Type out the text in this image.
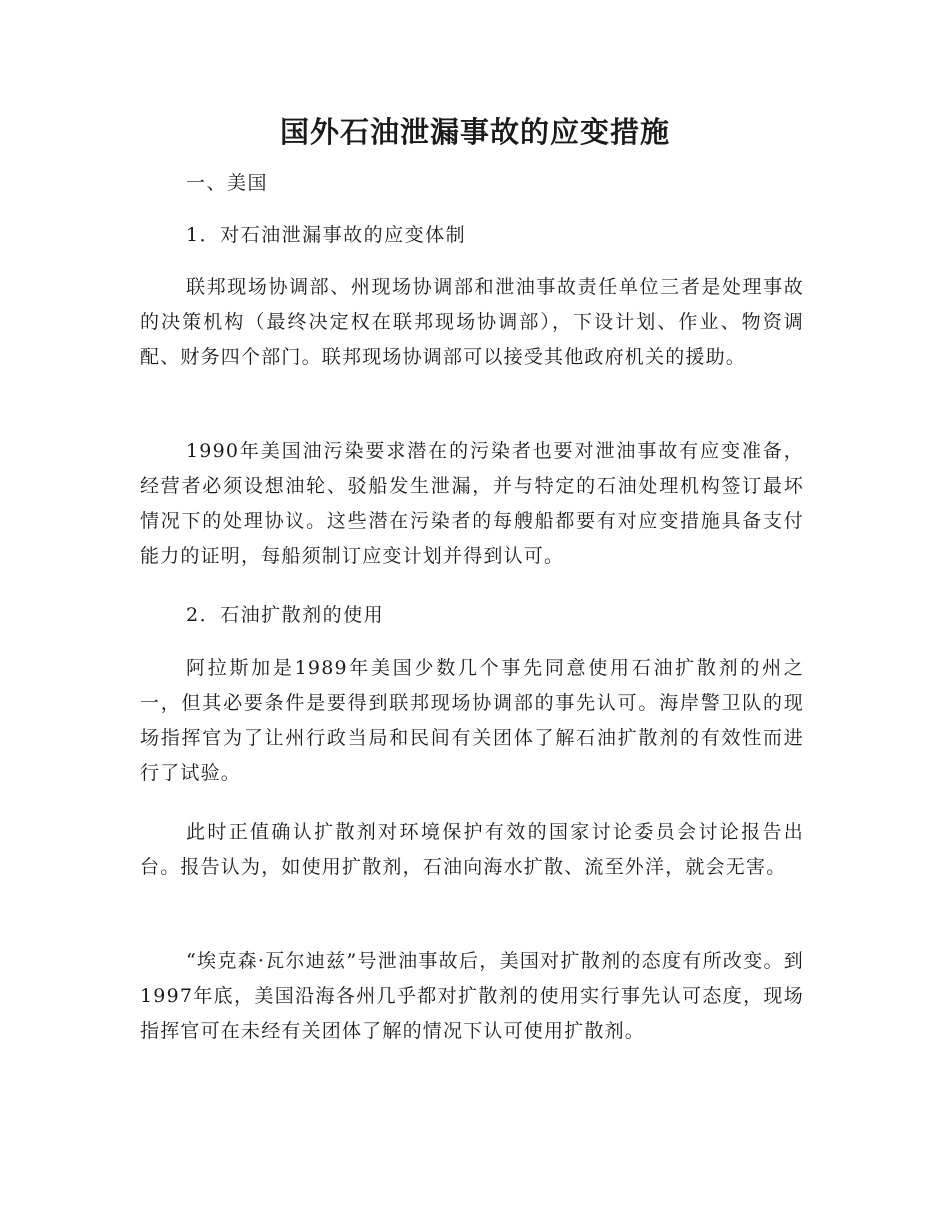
国外石油泄漏事故的应变措施

一、美国

1．对石油泄漏事故的应变体制

联邦现场协调部、州现场协调部和泄油事故责任单位三者是处理事故的决策机构（最终决定权在联邦现场协调部），下设计划、作业、物资调配、财务四个部门。联邦现场协调部可以接受其他政府机关的援助。

1990年美国油污染要求潜在的污染者也要对泄油事故有应变准备，经营者必须设想油轮、驳船发生泄漏，并与特定的石油处理机构签订最坏情况下的处理协议。这些潜在污染者的每艘船都要有对应变措施具备支付能力的证明，每船须制订应变计划并得到认可。

2．石油扩散剂的使用

阿拉斯加是1989年美国少数几个事先同意使用石油扩散剂的州之一，但其必要条件是要得到联邦现场协调部的事先认可。海岸警卫队的现场指挥官为了让州行政当局和民间有关团体了解石油扩散剂的有效性而进行了试验。

此时正值确认扩散剂对环境保护有效的国家讨论委员会讨论报告出台。报告认为，如使用扩散剂，石油向海水扩散、流至外洋，就会无害。

“埃克森·瓦尔迪兹”号泄油事故后，美国对扩散剂的态度有所改变。到1997年底，美国沿海各州几乎都对扩散剂的使用实行事先认可态度，现场指挥官可在未经有关团体了解的情况下认可使用扩散剂。
